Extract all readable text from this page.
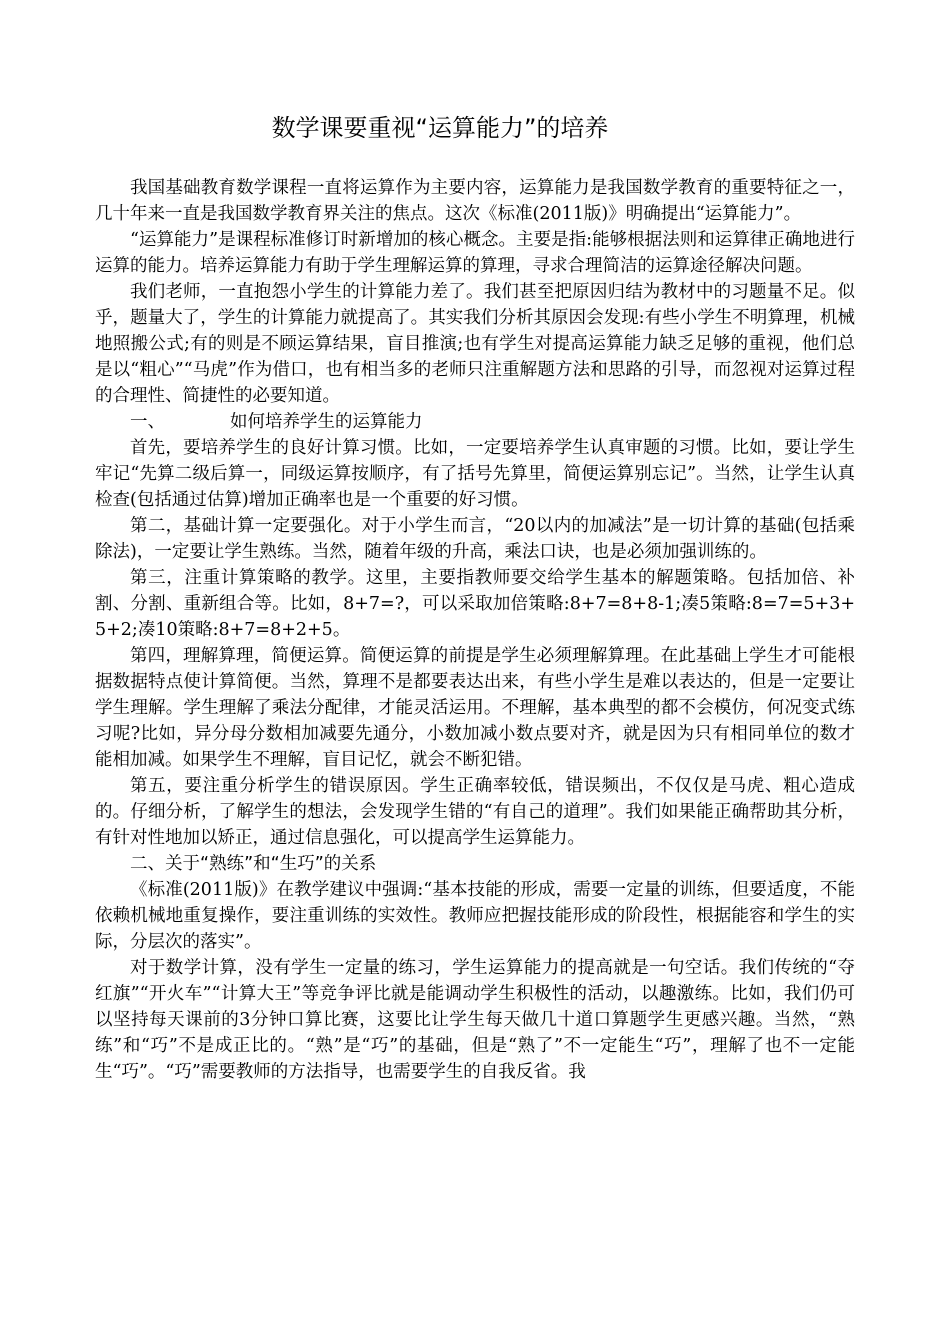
数学课要重视“运算能力”的培养

我国基础教育数学课程一直将运算作为主要内容，运算能力是我国数学教育的重要特征之一，几十年来一直是我国数学教育界关注的焦点。这次《标准(2011版)》明确提出“运算能力”。

“运算能力”是课程标准修订时新增加的核心概念。主要是指:能够根据法则和运算律正确地进行运算的能力。培养运算能力有助于学生理解运算的算理，寻求合理简洁的运算途径解决问题。

我们老师，一直抱怨小学生的计算能力差了。我们甚至把原因归结为教材中的习题量不足。似乎，题量大了，学生的计算能力就提高了。其实我们分析其原因会发现:有些小学生不明算理，机械地照搬公式;有的则是不顾运算结果，盲目推演;也有学生对提高运算能力缺乏足够的重视，他们总是以“粗心”“马虎”作为借口，也有相当多的老师只注重解题方法和思路的引导，而忽视对运算过程的合理性、简捷性的必要知道。

一、	如何培养学生的运算能力

首先，要培养学生的良好计算习惯。比如，一定要培养学生认真审题的习惯。比如，要让学生牢记“先算二级后算一，同级运算按顺序，有了括号先算里，简便运算别忘记”。当然，让学生认真检查(包括通过估算)增加正确率也是一个重要的好习惯。

第二，基础计算一定要强化。对于小学生而言，“20以内的加减法”是一切计算的基础(包括乘除法)，一定要让学生熟练。当然，随着年级的升高，乘法口诀，也是必须加强训练的。

第三，注重计算策略的教学。这里，主要指教师要交给学生基本的解题策略。包括加倍、补割、分割、重新组合等。比如，8+7=?，可以采取加倍策略:8+7=8+8-1;凑5策略:8=7=5+3+5+2;凑10策略:8+7=8+2+5。

第四，理解算理，简便运算。简便运算的前提是学生必须理解算理。在此基础上学生才可能根据数据特点使计算简便。当然，算理不是都要表达出来，有些小学生是难以表达的，但是一定要让学生理解。学生理解了乘法分配律，才能灵活运用。不理解，基本典型的都不会模仿，何况变式练习呢?比如，异分母分数相加减要先通分，小数加减小数点要对齐，就是因为只有相同单位的数才能相加减。如果学生不理解，盲目记忆，就会不断犯错。

第五，要注重分析学生的错误原因。学生正确率较低，错误频出，不仅仅是马虎、粗心造成的。仔细分析，了解学生的想法，会发现学生错的“有自己的道理”。我们如果能正确帮助其分析，有针对性地加以矫正，通过信息强化，可以提高学生运算能力。

二、关于“熟练”和“生巧”的关系

《标准(2011版)》在教学建议中强调:“基本技能的形成，需要一定量的训练，但要适度，不能依赖机械地重复操作，要注重训练的实效性。教师应把握技能形成的阶段性，根据能容和学生的实际，分层次的落实”。

对于数学计算，没有学生一定量的练习，学生运算能力的提高就是一句空话。我们传统的“夺红旗”“开火车”“计算大王”等竞争评比就是能调动学生积极性的活动，以趣激练。比如，我们仍可以坚持每天课前的3分钟口算比赛，这要比让学生每天做几十道口算题学生更感兴趣。当然，“熟练”和“巧”不是成正比的。“熟”是“巧”的基础，但是“熟了”不一定能生“巧”，理解了也不一定能生“巧”。“巧”需要教师的方法指导，也需要学生的自我反省。我
